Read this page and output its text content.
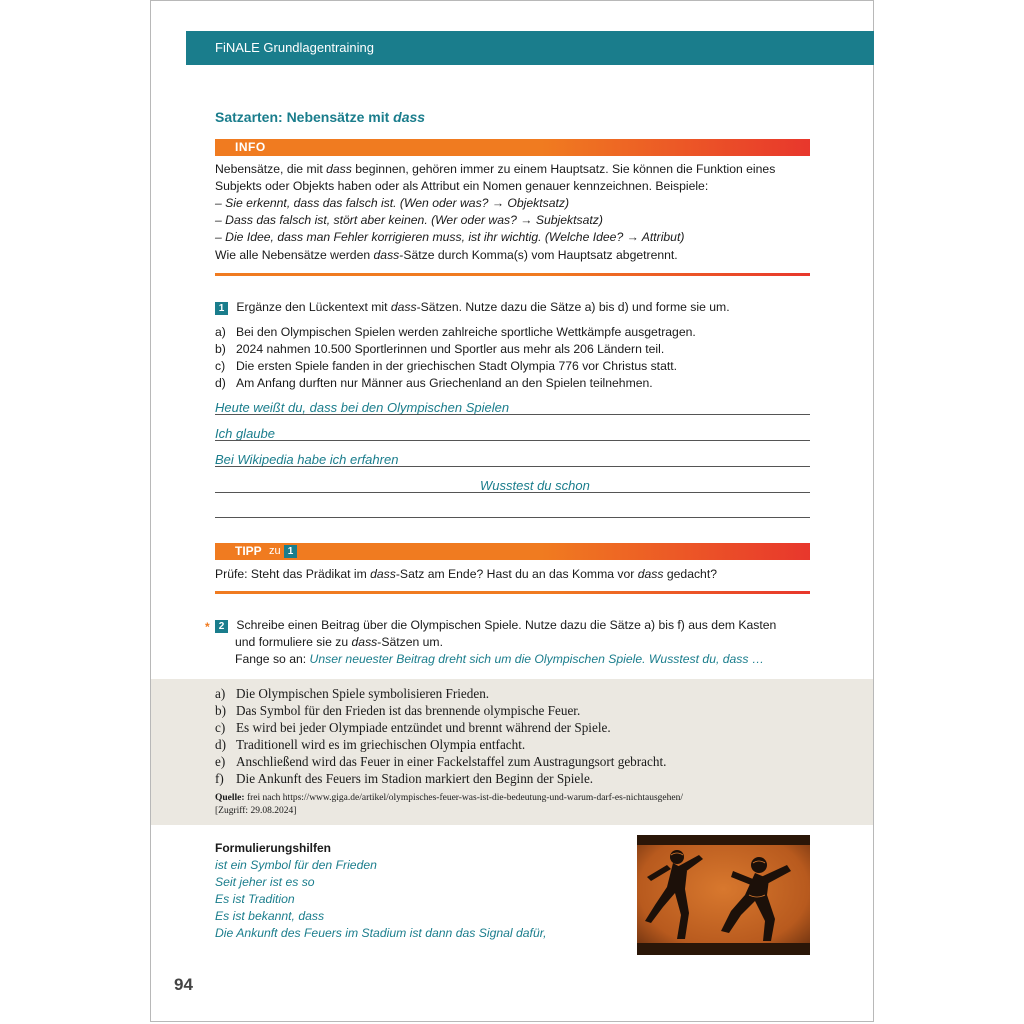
FiNALE Grundlagentraining
Satzarten: Nebensätze mit dass
INFO
Nebensätze, die mit dass beginnen, gehören immer zu einem Hauptsatz. Sie können die Funktion eines
Subjekts oder Objekts haben oder als Attribut ein Nomen genauer kennzeichnen. Beispiele:
– Sie erkennt, dass das falsch ist. (Wen oder was? → Objektsatz)
– Dass das falsch ist, stört aber keinen. (Wer oder was? → Subjektsatz)
– Die Idee, dass man Fehler korrigieren muss, ist ihr wichtig. (Welche Idee? → Attribut)
Wie alle Nebensätze werden dass-Sätze durch Komma(s) vom Hauptsatz abgetrennt.
1 Ergänze den Lückentext mit dass-Sätzen. Nutze dazu die Sätze a) bis d) und forme sie um.
a) Bei den Olympischen Spielen werden zahlreiche sportliche Wettkämpfe ausgetragen.
b) 2024 nahmen 10.500 Sportlerinnen und Sportler aus mehr als 206 Ländern teil.
c) Die ersten Spiele fanden in der griechischen Stadt Olympia 776 vor Christus statt.
d) Am Anfang durften nur Männer aus Griechenland an den Spielen teilnehmen.
Heute weißt du, dass bei den Olympischen Spielen
Ich glaube
Bei Wikipedia habe ich erfahren
Wusstest du schon
TIPP zu 1
Prüfe: Steht das Prädikat im dass-Satz am Ende? Hast du an das Komma vor dass gedacht?
* 2 Schreibe einen Beitrag über die Olympischen Spiele. Nutze dazu die Sätze a) bis f) aus dem Kasten
und formuliere sie zu dass-Sätzen um.
Fange so an: Unser neuester Beitrag dreht sich um die Olympischen Spiele. Wusstest du, dass …
a) Die Olympischen Spiele symbolisieren Frieden.
b) Das Symbol für den Frieden ist das brennende olympische Feuer.
c) Es wird bei jeder Olympiade entzündet und brennt während der Spiele.
d) Traditionell wird es im griechischen Olympia entfacht.
e) Anschließend wird das Feuer in einer Fackelstaffel zum Austragungsort gebracht.
f) Die Ankunft des Feuers im Stadion markiert den Beginn der Spiele.
Quelle: frei nach https://www.giga.de/artikel/olympisches-feuer-was-ist-die-bedeutung-und-warum-darf-es-nichtausgehen/
[Zugriff: 29.08.2024]
Formulierungshilfen
ist ein Symbol für den Frieden
Seit jeher ist es so
Es ist Tradition
Es ist bekannt, dass
Die Ankunft des Feuers im Stadium ist dann das Signal dafür,
94
